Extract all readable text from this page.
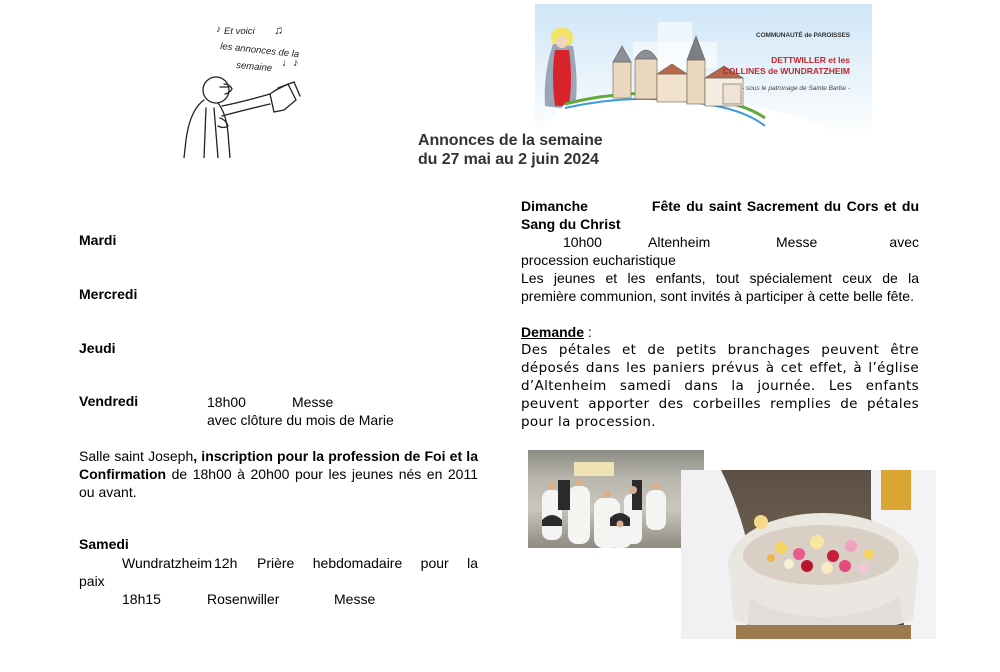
Et voici
les annonces de la
semaine
♪	♫
♩♪
COMMUNAUTÉ de PAROISSES
DETTWILLER et les
COLLINES de WUNDRATZHEIM
- sous le patronage de Sainte Barbe -
Annonces de la semaine
du 27 mai au 2 juin 2024
Mardi
Mercredi
Jeudi
Vendredi	18h00	Messe
avec clôture du mois de Marie
Salle saint Joseph, inscription pour la profession de Foi et la Confirmation de 18h00 à 20h00 pour les jeunes nés en 2011 ou avant.
Samedi
Wundratzheim 12h	Prière hebdomadaire pour la
paix
18h15	Rosenwiller	Messe
Dimanche	Fête du saint Sacrement du Cors et du Sang du Christ
10h00	Altenheim	Messe	avec
procession eucharistique
Les jeunes et les enfants, tout spécialement ceux de la première communion, sont invités à participer à cette belle fête.
Demande :
Des pétales et de petits branchages peuvent être déposés dans les paniers prévus à cet effet, à l’église d’Altenheim samedi dans la journée. Les enfants peuvent apporter des corbeilles remplies de pétales pour la procession.
